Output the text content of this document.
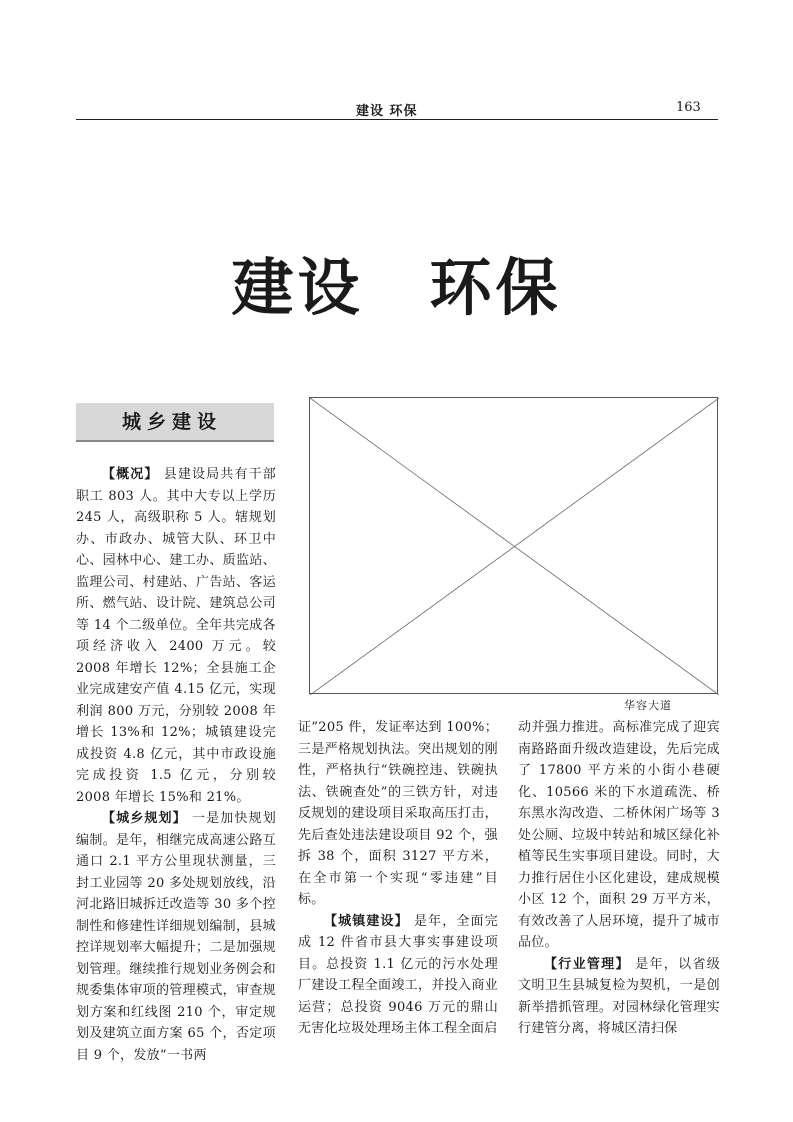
建设 环保	163
建设　环保
城乡建设
华容大道

【概况】 县建设局共有干部职工 803 人。其中大专以上学历 245 人，高级职称 5 人。辖规划办、市政办、城管大队、环卫中心、园林中心、建工办、质监站、监理公司、村建站、广告站、客运所、燃气站、设计院、建筑总公司等 14 个二级单位。全年共完成各项经济收入 2400 万元。较 2008 年增长 12%；全县施工企业完成建安产值 4.15 亿元，实现利润 800 万元，分别较 2008 年增长 13%和 12%；城镇建设完成投资 4.8 亿元，其中市政设施完成投资 1.5 亿元，分别较 2008 年增长 15%和 21%。

【城乡规划】 一是加快规划编制。是年，相继完成高速公路互通口 2.1 平方公里现状测量，三封工业园等 20 多处规划放线，沿河北路旧城拆迁改造等 30 多个控制性和修建性详细规划编制，县城控详规划率大幅提升；二是加强规划管理。继续推行规划业务例会和规委集体审项的管理模式，审查规划方案和红线图 210 个，审定规划及建筑立面方案 65 个，否定项目 9 个，发放“一书两

证”205 件，发证率达到 100%；三是严格规划执法。突出规划的刚性，严格执行“铁碗控违、铁碗执法、铁碗查处”的三铁方针，对违反规划的建设项目采取高压打击，先后查处违法建设项目 92 个，强拆 38 个，面积 3127 平方米，在全市第一个实现“零违建”目标。

【城镇建设】 是年，全面完成 12 件省市县大事实事建设项目。总投资 1.1 亿元的污水处理厂建设工程全面竣工，并投入商业运营；总投资 9046 万元的鼎山无害化垃圾处理场主体工程全面启

动并强力推进。高标准完成了迎宾南路路面升级改造建设，先后完成了 17800 平方米的小街小巷硬化、10566 米的下水道疏洗、桥东黑水沟改造、二桥休闲广场等 3 处公厕、垃圾中转站和城区绿化补植等民生实事项目建设。同时，大力推行居住小区化建设，建成规模小区 12 个，面积 29 万平方米，有效改善了人居环境，提升了城市品位。

【行业管理】 是年，以省级文明卫生县城复检为契机，一是创新举措抓管理。对园林绿化管理实行建管分离，将城区清扫保
